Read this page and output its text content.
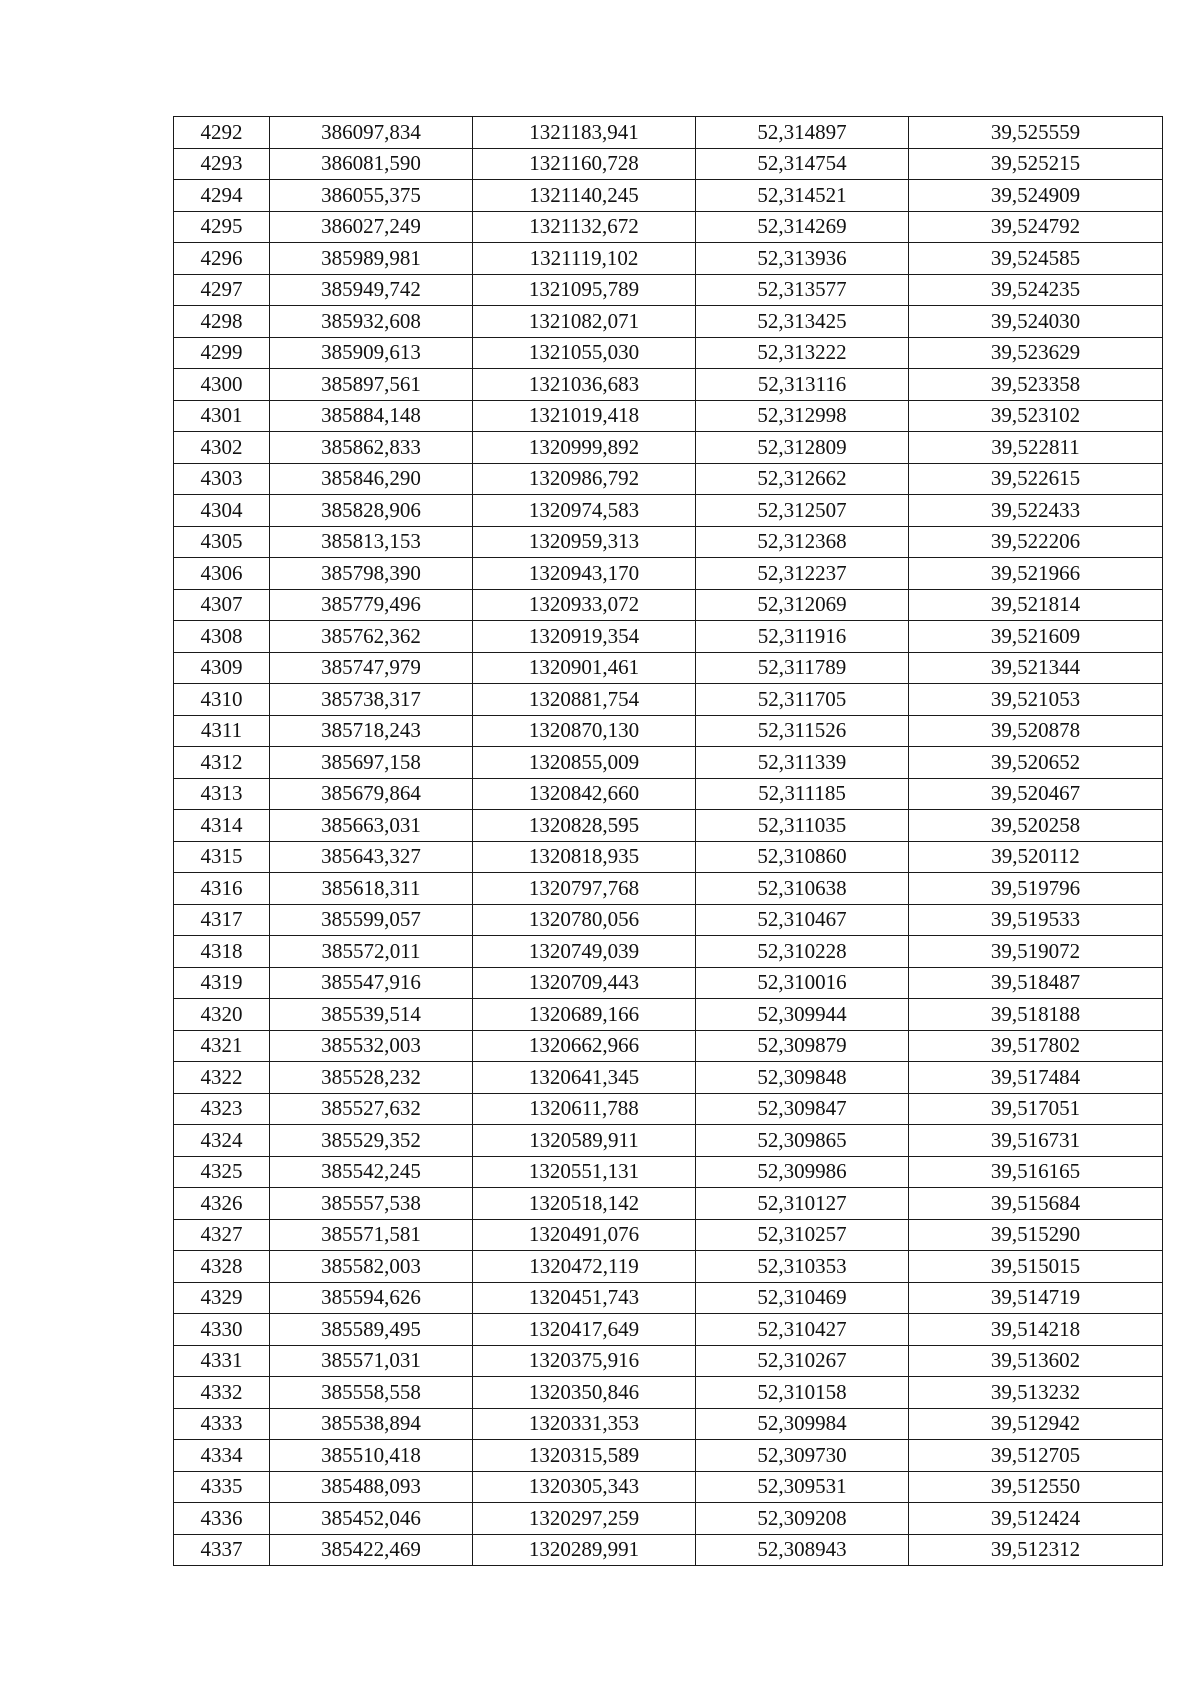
4292	386097,834	1321183,941	52,314897	39,525559
4293	386081,590	1321160,728	52,314754	39,525215
4294	386055,375	1321140,245	52,314521	39,524909
4295	386027,249	1321132,672	52,314269	39,524792
4296	385989,981	1321119,102	52,313936	39,524585
4297	385949,742	1321095,789	52,313577	39,524235
4298	385932,608	1321082,071	52,313425	39,524030
4299	385909,613	1321055,030	52,313222	39,523629
4300	385897,561	1321036,683	52,313116	39,523358
4301	385884,148	1321019,418	52,312998	39,523102
4302	385862,833	1320999,892	52,312809	39,522811
4303	385846,290	1320986,792	52,312662	39,522615
4304	385828,906	1320974,583	52,312507	39,522433
4305	385813,153	1320959,313	52,312368	39,522206
4306	385798,390	1320943,170	52,312237	39,521966
4307	385779,496	1320933,072	52,312069	39,521814
4308	385762,362	1320919,354	52,311916	39,521609
4309	385747,979	1320901,461	52,311789	39,521344
4310	385738,317	1320881,754	52,311705	39,521053
4311	385718,243	1320870,130	52,311526	39,520878
4312	385697,158	1320855,009	52,311339	39,520652
4313	385679,864	1320842,660	52,311185	39,520467
4314	385663,031	1320828,595	52,311035	39,520258
4315	385643,327	1320818,935	52,310860	39,520112
4316	385618,311	1320797,768	52,310638	39,519796
4317	385599,057	1320780,056	52,310467	39,519533
4318	385572,011	1320749,039	52,310228	39,519072
4319	385547,916	1320709,443	52,310016	39,518487
4320	385539,514	1320689,166	52,309944	39,518188
4321	385532,003	1320662,966	52,309879	39,517802
4322	385528,232	1320641,345	52,309848	39,517484
4323	385527,632	1320611,788	52,309847	39,517051
4324	385529,352	1320589,911	52,309865	39,516731
4325	385542,245	1320551,131	52,309986	39,516165
4326	385557,538	1320518,142	52,310127	39,515684
4327	385571,581	1320491,076	52,310257	39,515290
4328	385582,003	1320472,119	52,310353	39,515015
4329	385594,626	1320451,743	52,310469	39,514719
4330	385589,495	1320417,649	52,310427	39,514218
4331	385571,031	1320375,916	52,310267	39,513602
4332	385558,558	1320350,846	52,310158	39,513232
4333	385538,894	1320331,353	52,309984	39,512942
4334	385510,418	1320315,589	52,309730	39,512705
4335	385488,093	1320305,343	52,309531	39,512550
4336	385452,046	1320297,259	52,309208	39,512424
4337	385422,469	1320289,991	52,308943	39,512312
